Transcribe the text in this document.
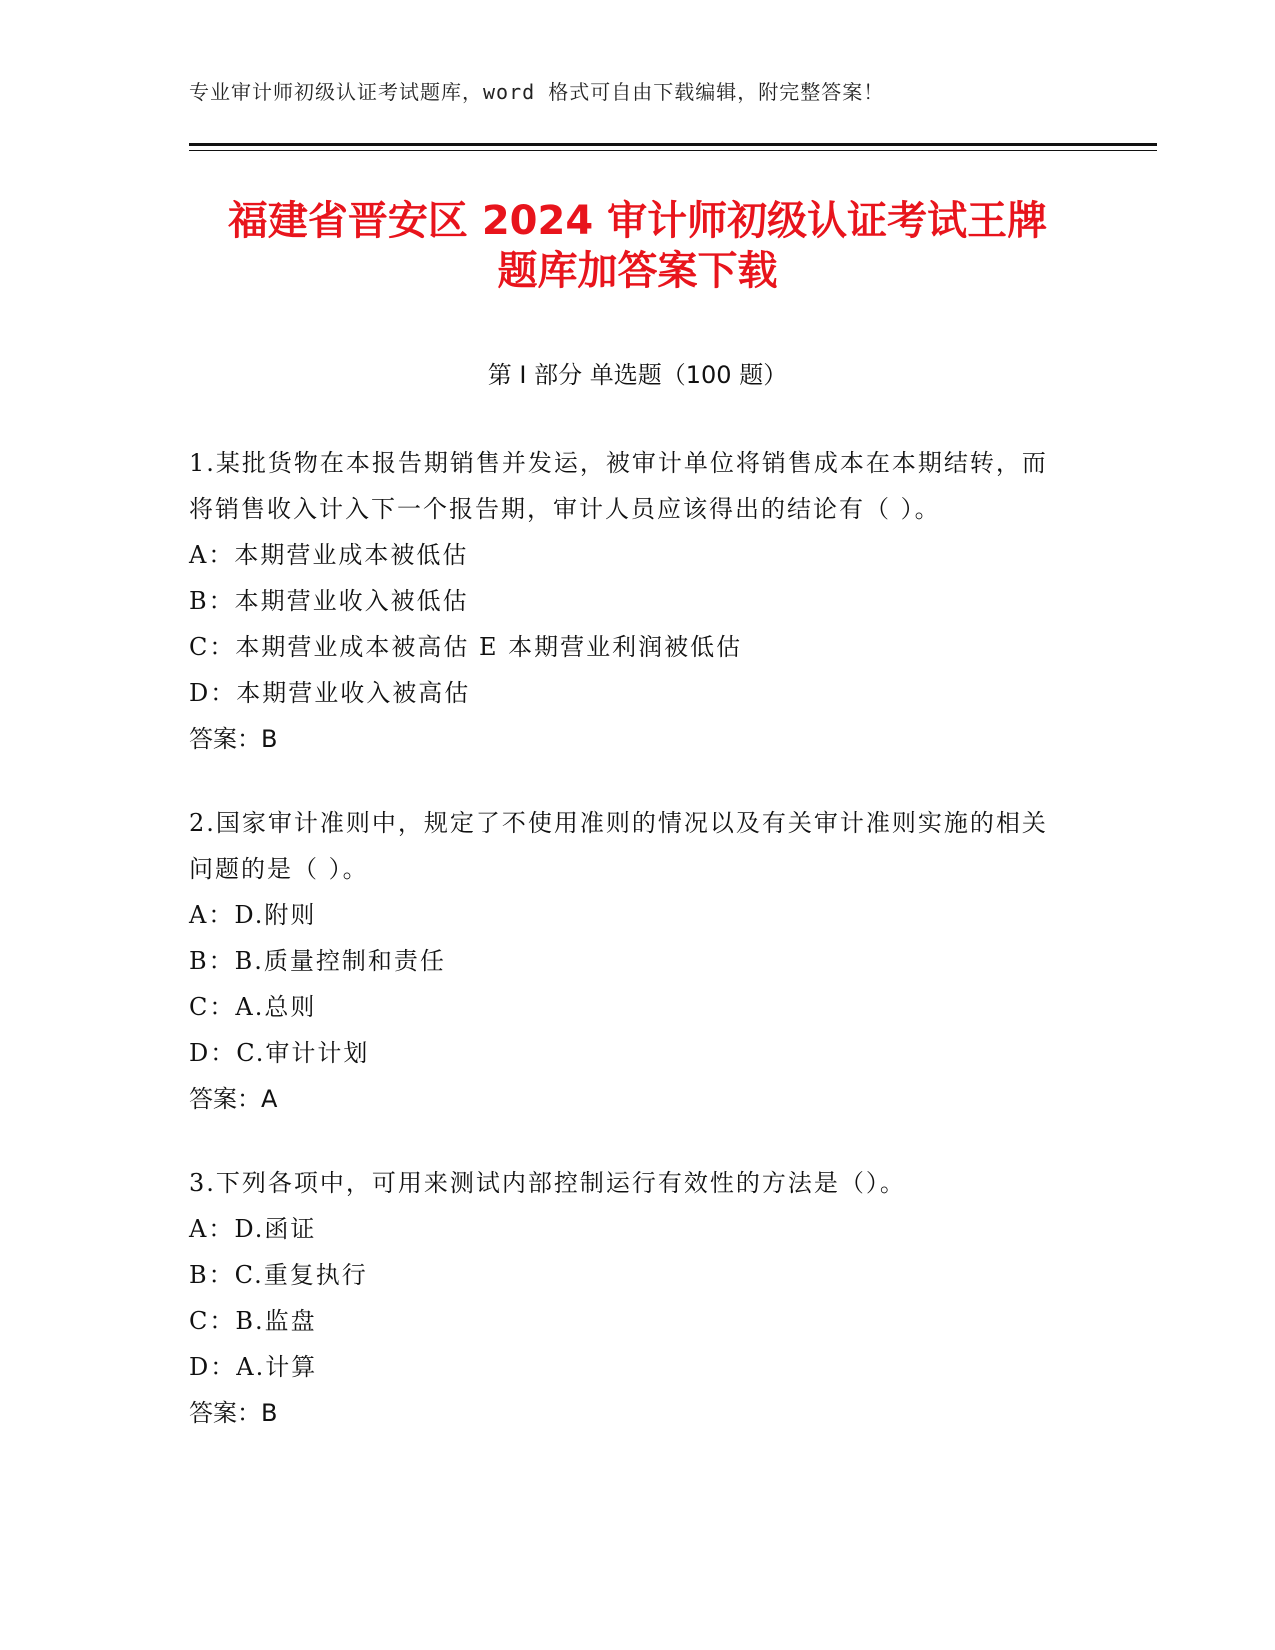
专业审计师初级认证考试题库，word 格式可自由下载编辑，附完整答案！
福建省晋安区 2024 审计师初级认证考试王牌
题库加答案下载
第 I 部分 单选题（100 题）

1.某批货物在本报告期销售并发运，被审计单位将销售成本在本期结转，而将销售收入计入下一个报告期，审计人员应该得出的结论有（ ）。

A：本期营业成本被低估

B：本期营业收入被低估

C：本期营业成本被高估 E 本期营业利润被低估

D：本期营业收入被高估

答案：B

2.国家审计准则中，规定了不使用准则的情况以及有关审计准则实施的相关问题的是（ ）。

A：D.附则

B：B.质量控制和责任

C：A.总则

D：C.审计计划

答案：A

3.下列各项中，可用来测试内部控制运行有效性的方法是（）。

A：D.函证

B：C.重复执行

C：B.监盘

D：A.计算

答案：B
